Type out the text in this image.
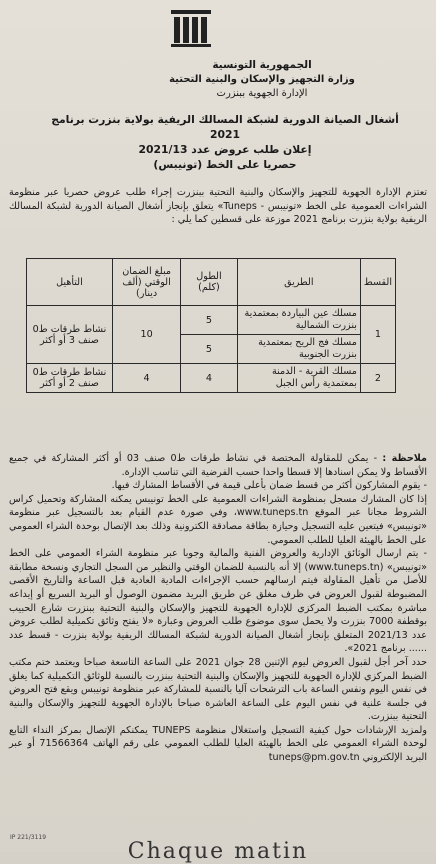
الجمهورية التونسية
وزارة التجهيز والإسكان والبنية التحتية
الإدارة الجهوية ببنزرت
أشغال الصيانة الدورية لشبكة المسالك الريفية بولاية بنزرت برنامج 2021
إعلان طلب عروض عدد 2021/13
حصريا على الخط (تونيبس)

تعتزم الإدارة الجهوية للتجهيز والإسكان والبنية التحتية ببنزرت إجراء طلب عروض حصريا عبر منظومة الشراءات العمومية على الخط «تونيبس - Tuneps» يتعلق بإنجاز أشغال الصيانة الدورية لشبكة المسالك الريفية بولاية بنزرت برنامج 2021 موزعة على قسطين كما يلي :

القسط	الطريق	الطول (كلم)	مبلغ الضمان الوقتي (ألف دينار)	التأهيل
1	مسلك عين البياردة بمعتمدية بنزرت الشمالية	5	10	نشاط طرقات ط0 صنف 3 أو أكثر
	مسلك فج الريح بمعتمدية بنزرت الجنوبية	5		
2	مسلك القرية - الدمنة بمعتمدية رأس الجبل	4	4	نشاط طرقات ط0 صنف 2 أو أكثر

ملاحظة : - يمكن للمقاولة المختصة في نشاط طرقات ط0 صنف 03 أو أكثر المشاركة في جميع الأقساط ولا يمكن اسنادها إلا قسطا واحدا حسب الفرضية التي تناسب الإدارة.

- يقوم المشاركون أكثر من قسط ضمان بأعلى قيمة في الأقساط المشارك فيها.

إذا كان المشارك مسجل بمنظومة الشراءات العمومية على الخط تونيبس يمكنه المشاركة وتحميل كراس الشروط مجانا عبر الموقع www.tuneps.tn، وفي صورة عدم القيام بعد بالتسجيل عبر منظومة «تونيبس» فيتعين عليه التسجيل وحيازة بطاقة مصادقة الكترونية وذلك بعد الإتصال بوحدة الشراء العمومي على الخط بالهيئة العليا للطلب العمومي.

- يتم ارسال الوثائق الإدارية والعروض الفنية والمالية وجوبا عبر منظومة الشراء العمومي على الخط «تونيبس» (www.tuneps.tn) إلا أنه بالنسبة للضمان الوقتي والنظير من السجل التجاري ونسخة مطابقة للأصل من تأهيل المقاولة فيتم ارسالهم حسب الإجراءات المادية العادية قبل الساعة والتاريخ الأقصى المضبوطة لقبول العروض في ظرف مغلق عن طريق البريد مضمون الوصول أو البريد السريع أو إيداعه مباشرة بمكتب الضبط المركزي للإدارة الجهوية للتجهيز والإسكان والبنية التحتية ببنزرت شارع الحبيب بوقطفة 7000 بنزرت ولا يحمل سوى موضوع طلب العروض وعبارة «لا يفتح وثائق تكميلية لطلب عروض عدد 2021/13 المتعلق بإنجاز أشغال الصيانة الدورية لشبكة المسالك الريفية بولاية بنزرت - قسط عدد ...... برنامج 2021».

حدد آخر أجل لقبول العروض ليوم الإثنين 28 جوان 2021 على الساعة التاسعة صباحا ويعتمد ختم مكتب الضبط المركزي للإدارة الجهوية للتجهيز والإسكان والبنية التحتية ببنزرت بالنسبة للوثائق التكميلية كما يغلق في نفس اليوم ونفس الساعة باب الترشحات آليا بالنسبة للمشاركة عبر منظومة تونيبس ويقع فتح العروض في جلسة علنية في نفس اليوم على الساعة العاشرة صباحا بالإدارة الجهوية للتجهيز والإسكان والبنية التحتية ببنزرت.

ولمزيد الإرشادات حول كيفية التسجيل واستغلال منظومة TUNEPS يمكنكم الإتصال بمركز النداء التابع لوحدة الشراء العمومي على الخط بالهيئة العليا للطلب العمومي على رقم الهاتف 71566364 أو عبر البريد الإلكتروني tuneps@pm.gov.tn

IP 221/3119
Chaque matin
